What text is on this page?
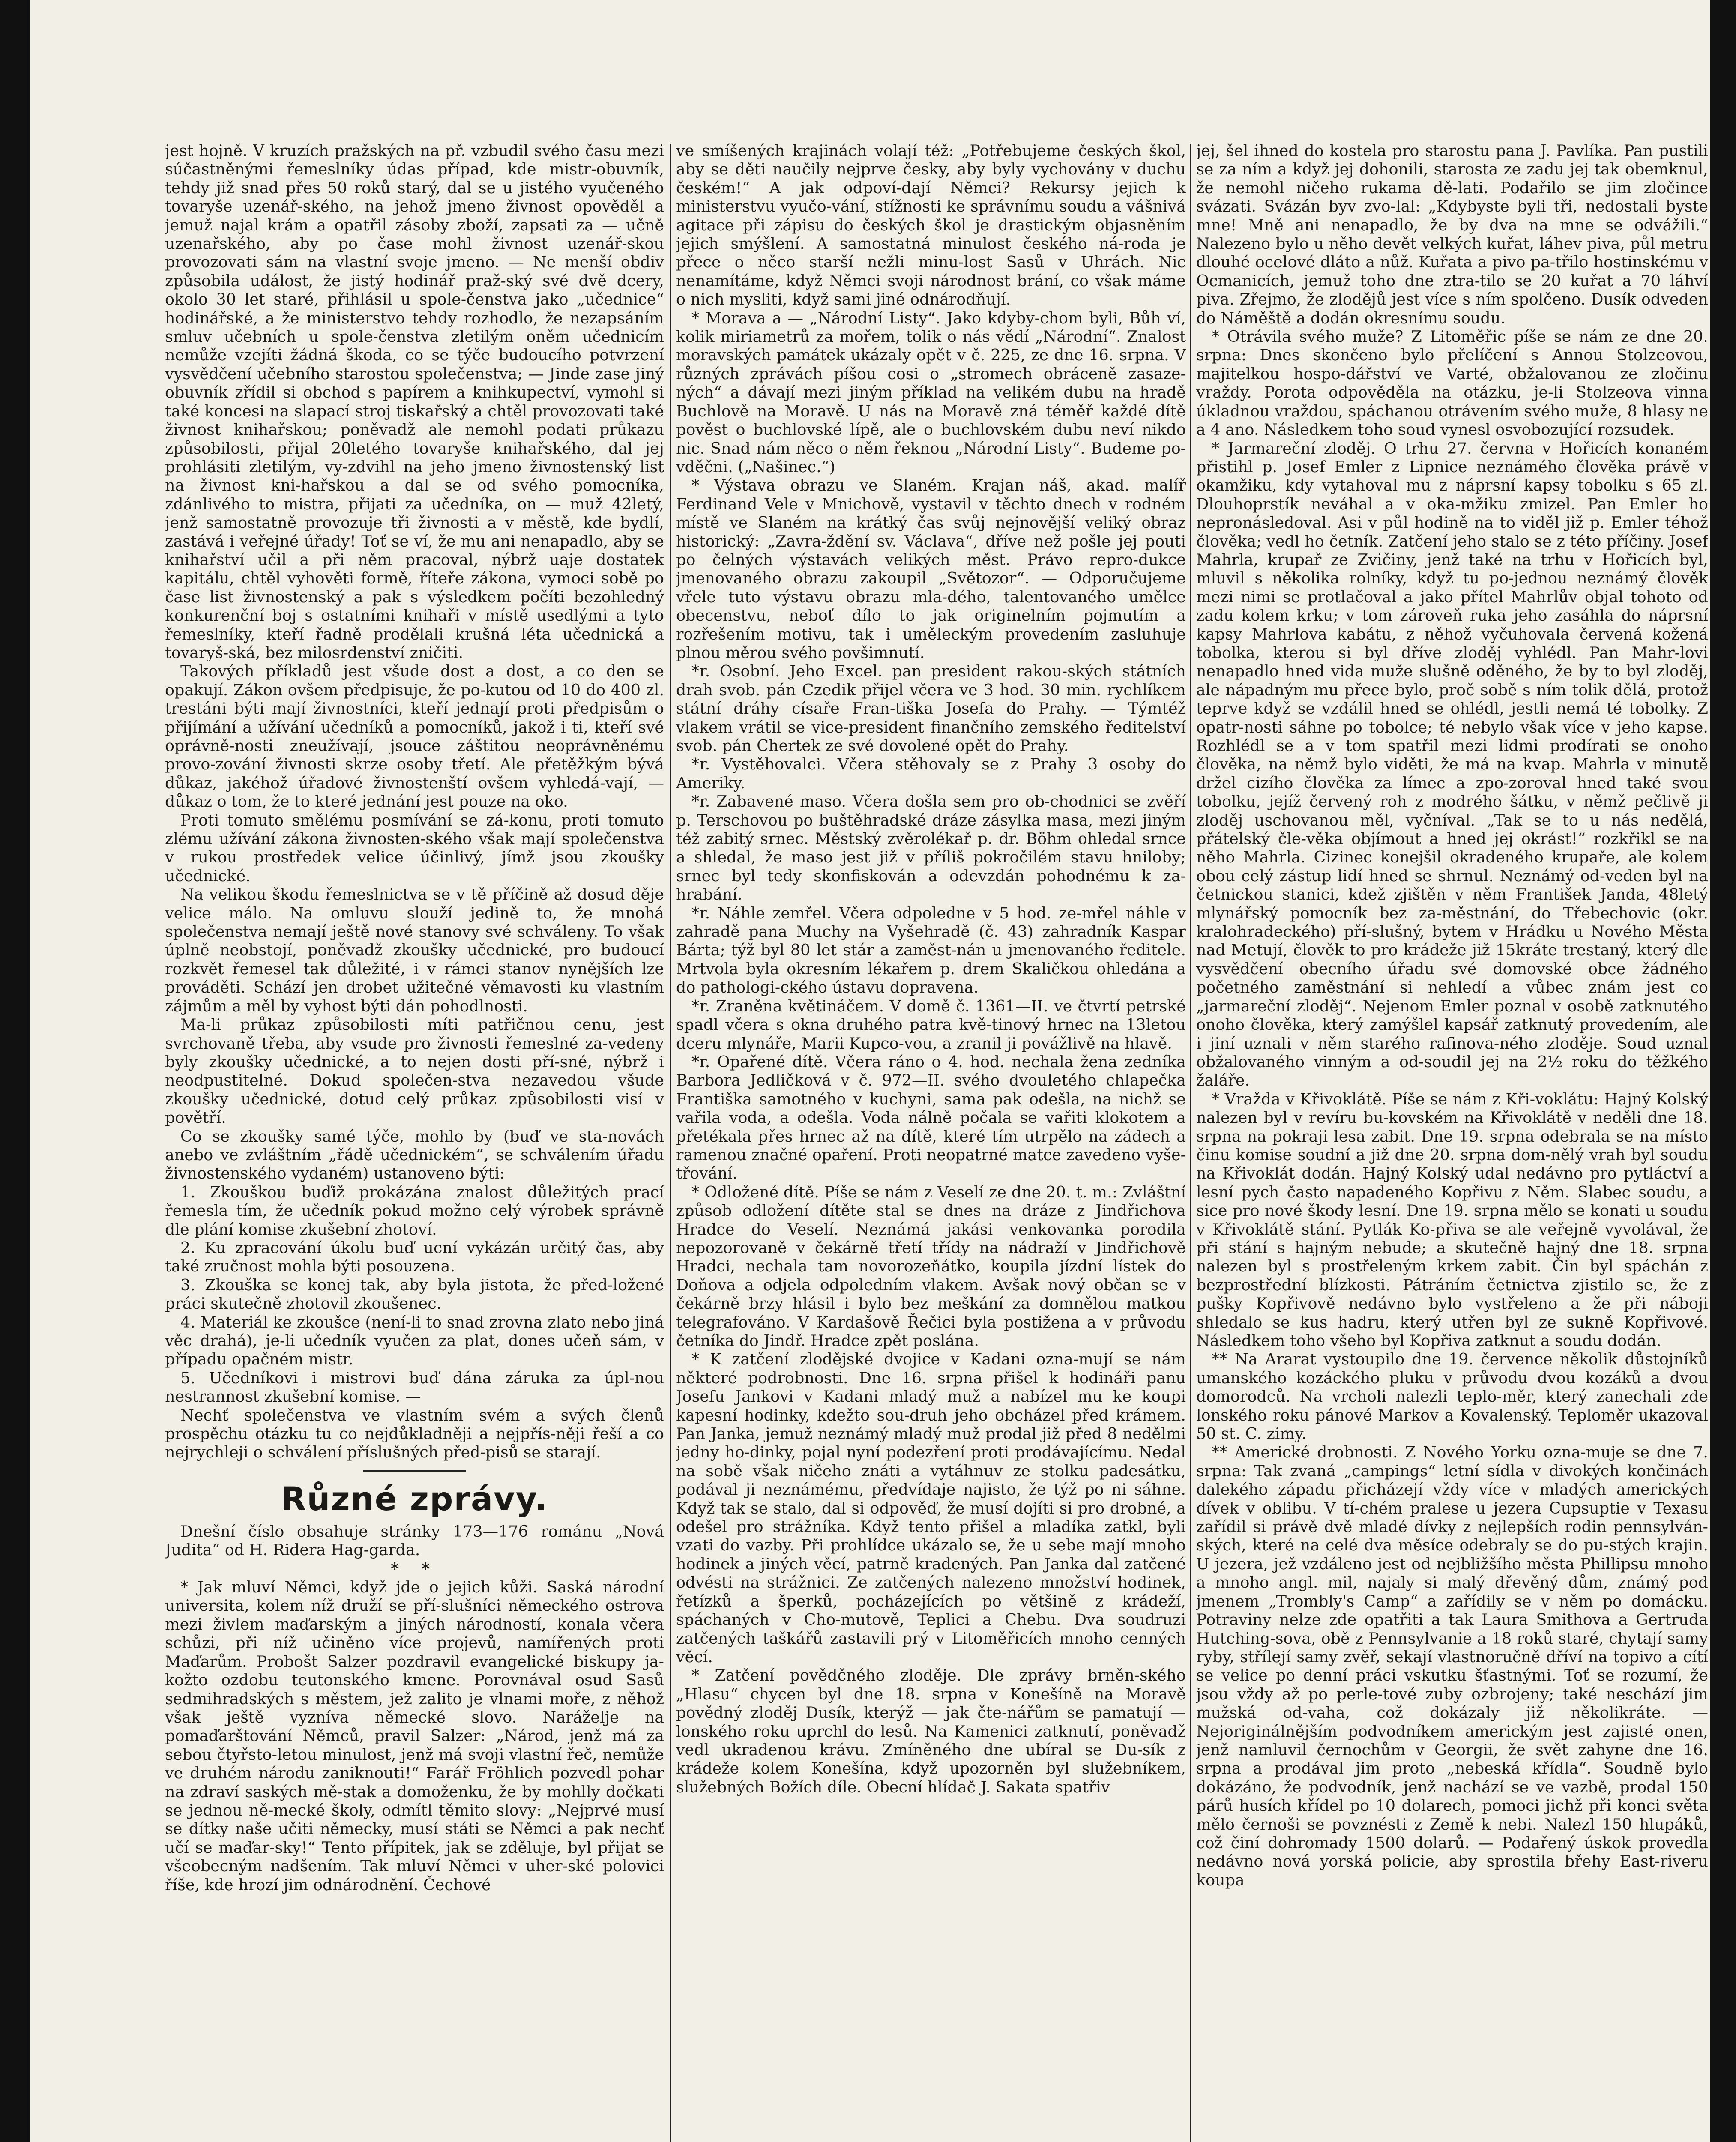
jest hojně. V kruzích pražských na př. vzbudil svého času mezi súčastněnými řemeslníky údas případ, kde mistr-obuvník, tehdy již snad přes 50 roků starý, dal se u jistého vyučeného tovaryše uzenář-ského, na jehož jmeno živnost opověděl a jemuž najal krám a opatřil zásoby zboží, zapsati za — učně uzenařského, aby po čase mohl živnost uzenář-skou provozovati sám na vlastní svoje jmeno. — Ne menší obdiv způsobila událost, že jistý hodinář praž-ský své dvě dcery, okolo 30 let staré, přihlásil u spole-čenstva jako „učednice“ hodinářské, a že ministerstvo tehdy rozhodlo, že nezapsáním smluv učebních u spole-čenstva zletilým oněm učednicím nemůže vzejíti žádná škoda, co se týče budoucího potvrzení vysvědčení učebního starostou společenstva; — Jinde zase jiný obuvník zřídil si obchod s papírem a knihkupectví, vymohl si také koncesi na slapací stroj tiskařský a chtěl provozovati také živnost knihařskou; poněvadž ale nemohl podati průkazu způsobilosti, přijal 20letého tovaryše knihařského, dal jej prohlásiti zletilým, vy-zdvihl na jeho jmeno živnostenský list na živnost kni-hařskou a dal se od svého pomocníka, zdánlivého to mistra, přijati za učedníka, on — muž 42letý, jenž samostatně provozuje tři živnosti a v městě, kde bydlí, zastává i veřejné úřady! Toť se ví, že mu ani nenapadlo, aby se knihařství učil a při něm pracoval, nýbrž uaje dostatek kapitálu, chtěl vyhověti formě, říteře zákona, vymoci sobě po čase list živnostenský a pak s výsledkem počíti bezohledný konkurenční boj s ostatními knihaři v místě usedlými a tyto řemeslníky, kteří řadně prodělali krušná léta učednická a tovaryš-ská, bez milosrdenství zničiti.

Takových příkladů jest všude dost a dost, a co den se opakují. Zákon ovšem předpisuje, že po-kutou od 10 do 400 zl. trestáni býti mají živnostníci, kteří jednají proti předpisům o přijímání a užívání učedníků a pomocníků, jakož i ti, kteří své oprávně-nosti zneužívají, jsouce záštitou neoprávněnému provo-zování živnosti skrze osoby třetí. Ale přetěžkým bývá důkaz, jakéhož úřadové živnostenští ovšem vyhledá-vají, — důkaz o tom, že to které jednání jest pouze na oko.

Proti tomuto smělému posmívání se zá-konu, proti tomuto zlému užívání zákona živnosten-ského však mají společenstva v rukou prostředek velice účinlivý, jímž jsou zkoušky učednické.

Na velikou škodu řemeslnictva se v tě příčině až dosud děje velice málo. Na omluvu slouží jedině to, že mnohá společenstva nemají ještě nové stanovy své schváleny. To však úplně neobstojí, poněvadž zkoušky učednické, pro budoucí rozkvět řemesel tak důležité, i v rámci stanov nynějších lze prováděti. Schází jen drobet užitečné věmavosti ku vlastním zájmům a měl by vyhost býti dán pohodlnosti.

Ma-li průkaz způsobilosti míti patřičnou cenu, jest svrchovaně třeba, aby vsude pro živnosti řemeslné za-vedeny byly zkoušky učednické, a to nejen dosti pří-sné, nýbrž i neodpustitelné. Dokud společen-stva nezavedou všude zkoušky učednické, dotud celý průkaz způsobilosti visí v povětří.

Co se zkoušky samé týče, mohlo by (buď ve sta-novách anebo ve zvláštním „řádě učednickém“, se schválením úřadu živnostenského vydaném) ustanoveno býti:

1. Zkouškou buďiž prokázána znalost důležitých prací řemesla tím, že učedník pokud možno celý výrobek správně dle plání komise zkušební zhotoví.

2. Ku zpracování úkolu buď ucní vykázán určitý čas, aby také zručnost mohla býti posouzena.

3. Zkouška se konej tak, aby byla jistota, že před-ložené práci skutečně zhotovil zkoušenec.

4. Materiál ke zkoušce (není-li to snad zrovna zlato nebo jiná věc drahá), je-li učedník vyučen za plat, dones učeň sám, v případu opačném mistr.

5. Učedníkovi i mistrovi buď dána záruka za úpl-nou nestrannost zkušební komise. —

Nechť společenstva ve vlastním svém a svých členů prospěchu otázku tu co nejdůkladněji a nejpřís-něji řeší a co nejrychleji o schválení příslušných před-pisů se starají.

Různé zprávy.

Dnešní číslo obsahuje stránky 173—176 románu „Nová Judita“ od H. Ridera Hag-garda.

* *

* Jak mluví Němci, když jde o jejich kůži. Saská národní universita, kolem níž druží se pří-slušníci německého ostrova mezi živlem maďarským a jiných národností, konala včera schůzi, při níž učiněno více projevů, namířených proti Maďarům. Probošt Salzer pozdravil evangelické biskupy ja-kožto ozdobu teutonského kmene. Porovnával osud Sasů sedmihradských s městem, jež zalito je vlnami moře, z něhož však ještě vyzníva německé slovo. Naráželje na pomaďarštování Němců, pravil Salzer: „Národ, jenž má za sebou čtyřsto-letou minulost, jenž má svoji vlastní řeč, nemůže ve druhém národu zaniknouti!“ Farář Fröhlich pozvedl pohar na zdraví saských mě-stak a domoženku, že by mohlly dočkati se jednou ně-mecké školy, odmítl těmito slovy: „Nejprvé musí se dítky naše učiti německy, musí státi se Němci a pak nechť učí se maďar-sky!“ Tento přípitek, jak se zděluje, byl přijat se všeobecným nadšením. Tak mluví Němci v uher-ské polovici říše, kde hrozí jim odnárodnění. Čechové

ve smíšených krajinách volají též: „Potřebujeme českých škol, aby se děti naučily nejprve česky, aby byly vychovány v duchu českém!“ A jak odpoví-dají Němci? Rekursy jejich k ministerstvu vyučo-vání, stížnosti ke správnímu soudu a vášnivá agitace při zápisu do českých škol je drastickým objasněním jejich smýšlení. A samostatná minulost českého ná-roda je přece o něco starší nežli minu-lost Sasů v Uhrách. Nic nenamítáme, když Němci svoji národnost brání, co však máme o nich mysliti, když sami jiné odnárodňují.

* Morava a — „Národní Listy“. Jako kdyby-chom byli, Bůh ví, kolik miriametrů za mořem, tolik o nás vědí „Národní“. Znalost moravských památek ukázaly opět v č. 225, ze dne 16. srpna. V různých zprávách píšou cosi o „stromech obráceně zasaze-ných“ a dávají mezi jiným příklad na velikém dubu na hradě Buchlově na Moravě. U nás na Moravě zná téměř každé dítě pověst o buchlovské lípě, ale o buchlovském dubu neví nikdo nic. Snad nám něco o něm řeknou „Národní Listy“. Budeme po-vděčni. („Našinec.“)

* Výstava obrazu ve Slaném. Krajan náš, akad. malíř Ferdinand Vele v Mnichově, vystavil v těchto dnech v rodném místě ve Slaném na krátký čas svůj nejnovější veliký obraz historický: „Zavra-ždění sv. Václava“, dříve než pošle jej pouti po čelných výstavách velikých měst. Právo repro-dukce jmenovaného obrazu zakoupil „Světozor“. — Odporučujeme vřele tuto výstavu obrazu mla-dého, talentovaného umělce obecenstvu, neboť dílo to jak originelním pojmutím a rozřešením motivu, tak i uměleckým provedením zasluhuje plnou měrou svého povšimnutí.

*r. Osobní. Jeho Excel. pan president rakou-ských státních drah svob. pán Czedik přijel včera ve 3 hod. 30 min. rychlíkem státní dráhy císaře Fran-tiška Josefa do Prahy. — Týmtéž vlakem vrátil se vice-president finančního zemského ředitelství svob. pán Chertek ze své dovolené opět do Prahy.

*r. Vystěhovalci. Včera stěhovaly se z Prahy 3 osoby do Ameriky.

*r. Zabavené maso. Včera došla sem pro ob-chodnici se zvěří p. Terschovou po buštěhradské dráze zásylka masa, mezi jiným též zabitý srnec. Městský zvěrolékař p. dr. Böhm ohledal srnce a shledal, že maso jest již v příliš pokročilém stavu hniloby; srnec byl tedy skonfiskován a odevzdán pohodnému k za-hrabání.

*r. Náhle zemřel. Včera odpoledne v 5 hod. ze-mřel náhle v zahradě pana Muchy na Vyšehradě (č. 43) zahradník Kaspar Bárta; týž byl 80 let stár a zaměst-nán u jmenovaného ředitele. Mrtvola byla okresním lékařem p. drem Skaličkou ohledána a do pathologi-ckého ústavu dopravena.

*r. Zraněna květináčem. V domě č. 1361—II. ve čtvrtí petrské spadl včera s okna druhého patra kvě-tinový hrnec na 13letou dceru mlynáře, Marii Kupco-vou, a zranil ji povážlivě na hlavě.

*r. Opařené dítě. Včera ráno o 4. hod. nechala žena zedníka Barbora Jedličková v č. 972—II. svého dvouletého chlapečka Františka samotného v kuchyni, sama pak odešla, na nichž se vařila voda, a odešla. Voda nálně počala se vařiti klokotem a přetékala přes hrnec až na dítě, které tím utrpělo na zádech a ramenou značné opaření. Proti neopatrné matce zavedeno vyše-třování.

* Odložené dítě. Píše se nám z Veselí ze dne 20. t. m.: Zvláštní způsob odložení dítěte stal se dnes na dráze z Jindřichova Hradce do Veselí. Neznámá jakási venkovanka porodila nepozorovaně v čekárně třetí třídy na nádraží v Jindřichově Hradci, nechala tam novorozeňátko, koupila jízdní lístek do Doňova a odjela odpoledním vlakem. Avšak nový občan se v čekárně brzy hlásil i bylo bez meškání za domnělou matkou telegrafováno. V Kardašově Řečici byla postižena a v průvodu četníka do Jindř. Hradce zpět poslána.

* K zatčení zlodějské dvojice v Kadani ozna-mují se nám některé podrobnosti. Dne 16. srpna přišel k hodináři panu Josefu Jankovi v Kadani mladý muž a nabízel mu ke koupi kapesní hodinky, kdežto sou-druh jeho obcházel před krámem. Pan Janka, jemuž neznámý mladý muž prodal již před 8 nedělmi jedny ho-dinky, pojal nyní podezření proti prodávajícímu. Nedal na sobě však ničeho znáti a vytáhnuv ze stolku padesátku, podával ji neznámému, předvídaje najisto, že týž po ni sáhne. Když tak se stalo, dal si odpověď, že musí dojíti si pro drobné, a odešel pro strážníka. Když tento přišel a mladíka zatkl, byli vzati do vazby. Při prohlídce ukázalo se, že u sebe mají mnoho hodinek a jiných věcí, patrně kradených. Pan Janka dal zatčené odvésti na strážnici. Ze zatčených nalezeno množství hodinek, řetízků a šperků, pocházejících po většině z krádeží, spáchaných v Cho-mutově, Teplici a Chebu. Dva soudruzi zatčených taškářů zastavili prý v Litoměřicích mnoho cenných věcí.

* Zatčení povědčného zloděje. Dle zprávy brněn-ského „Hlasu“ chycen byl dne 18. srpna v Konešíně na Moravě povědný zloděj Dusík, kterýž — jak čte-nářům se pamatují — lonského roku uprchl do lesů. Na Kamenici zatknutí, poněvadž vedl ukradenou krávu. Zmíněného dne ubíral se Du-sík z krádeže kolem Konešína, když upozorněn byl služebníkem, služebných Božích díle. Obecní hlídač J. Sakata spatřiv

jej, šel ihned do kostela pro starostu pana J. Pavlíka. Pan pustili se za ním a když jej dohonili, starosta ze zadu jej tak obemknul, že nemohl ničeho rukama dě-lati. Podařilo se jim zločince svázati. Svázán byv zvo-lal: „Kdybyste byli tři, nedostali byste mne! Mně ani nenapadlo, že by dva na mne se odvážili.“ Nalezeno bylo u něho devět velkých kuřat, láhev piva, půl metru dlouhé ocelové dláto a nůž. Kuřata a pivo pa-třilo hostinskému v Ocmanicích, jemuž toho dne ztra-tilo se 20 kuřat a 70 láhví piva. Zřejmo, že zlodějů jest více s ním spolčeno. Dusík odveden do Náměště a dodán okresnímu soudu.

* Otrávila svého muže? Z Litoměřic píše se nám ze dne 20. srpna: Dnes skončeno bylo přelíčení s Annou Stolzeovou, majitelkou hospo-dářství ve Varté, obžalovanou ze zločinu vraždy. Porota odpověděla na otázku, je-li Stolzeova vinna úkladnou vraždou, spáchanou otrávením svého muže, 8 hlasy ne a 4 ano. Následkem toho soud vynesl osvobozující rozsudek.

* Jarmareční zloděj. O trhu 27. června v Hořicích konaném přistihl p. Josef Emler z Lipnice neznámého člověka právě v okamžiku, kdy vytahoval mu z náprsní kapsy tobolku s 65 zl. Dlouhoprstík neváhal a v oka-mžiku zmizel. Pan Emler ho nepronásledoval. Asi v půl hodině na to viděl již p. Emler téhož člověka; vedl ho četník. Zatčení jeho stalo se z této příčiny. Josef Mahrla, krupař ze Zvičiny, jenž také na trhu v Hořicích byl, mluvil s několika rolníky, když tu po-jednou neznámý člověk mezi nimi se protlačoval a jako přítel Mahrlův objal tohoto od zadu kolem krku; v tom zároveň ruka jeho zasáhla do náprsní kapsy Mahrlova kabátu, z něhož vyčuhovala červená kožená tobolka, kterou si byl dříve zloděj vyhlédl. Pan Mahr-lovi nenapadlo hned vida muže slušně oděného, že by to byl zloděj, ale nápadným mu přece bylo, proč sobě s ním tolik dělá, protož teprve když se vzdálil hned se ohlédl, jestli nemá té tobolky. Z opatr-nosti sáhne po tobolce; té nebylo však více v jeho kapse. Rozhlédl se a v tom spatřil mezi lidmi prodírati se onoho člověka, na němž bylo viděti, že má na kvap. Mahrla v minutě držel cizího člověka za límec a zpo-zoroval hned také svou tobolku, jejíž červený roh z modrého šátku, v němž pečlivě ji zloděj uschovanou měl, vyčníval. „Tak se to u nás nedělá, přátelský čle-věka objímout a hned jej okrást!“ rozkřikl se na něho Mahrla. Cizinec konejšil okradeného krupaře, ale kolem obou celý zástup lidí hned se shrnul. Neznámý od-veden byl na četnickou stanici, kdež zjištěn v něm František Janda, 48letý mlynářský pomocník bez za-městnání, do Třebechovic (okr. kralohradeckého) pří-slušný, bytem v Hrádku u Nového Města nad Metují, člověk to pro krádeže již 15kráte trestaný, který dle vysvědčení obecního úřadu své domovské obce žádného početného zaměstnání si nehledí a vůbec znám jest co „jarmareční zloděj“. Nejenom Emler poznal v osobě zatknutého onoho člověka, který zamýšlel kapsář zatknutý provedením, ale i jiní uznali v něm starého rafinova-ného zloděje. Soud uznal obžalovaného vinným a od-soudil jej na 2½ roku do těžkého žaláře.

* Vražda v Křivoklátě. Píše se nám z Kři-voklátu: Hajný Kolský nalezen byl v revíru bu-kovském na Křivoklátě v neděli dne 18. srpna na pokraji lesa zabit. Dne 19. srpna odebrala se na místo činu komise soudní a již dne 20. srpna dom-nělý vrah byl soudu na Křivoklát dodán. Hajný Kolský udal nedávno pro pytláctví a lesní pych často napadeného Kopřivu z Něm. Slabec soudu, a sice pro nové škody lesní. Dne 19. srpna mělo se konati u soudu v Křivoklátě stání. Pytlák Ko-přiva se ale veřejně vyvolával, že při stání s hajným nebude; a skutečně hajný dne 18. srpna nalezen byl s prostřeleným krkem zabit. Čin byl spáchán z bezprostřední blízkosti. Pátráním četnictva zjistilo se, že z pušky Kopřivově nedávno bylo vystřeleno a že při náboji shledalo se kus hadru, který utřen byl ze sukně Kopřivové. Následkem toho všeho byl Kopřiva zatknut a soudu dodán.

** Na Ararat vystoupilo dne 19. července několik důstojníků umanského kozáckého pluku v průvodu dvou kozáků a dvou domorodců. Na vrcholi nalezli teplo-měr, který zanechali zde lonského roku pánové Markov a Kovalenský. Teploměr ukazoval 50 st. C. zimy.

** Americké drobnosti. Z Nového Yorku ozna-muje se dne 7. srpna: Tak zvaná „campings“ letní sídla v divokých končinách dalekého západu přicházejí vždy více v mladých amerických dívek v oblibu. V tí-chém pralese u jezera Cupsuptie v Texasu zařídil si právě dvě mladé dívky z nejlepších rodin pennsylván-ských, které na celé dva měsíce odebraly se do pu-stých krajin. U jezera, jež vzdáleno jest od nejbližšího města Phillipsu mnoho a mnoho angl. mil, najaly si malý dřevěný dům, známý pod jmenem „Trombly's Camp“ a zařídily se v něm po domácku. Potraviny nelze zde opatřiti a tak Laura Smithova a Gertruda Hutching-sova, obě z Pennsylvanie a 18 roků staré, chytají samy ryby, střílejí samy zvěř, sekají vlastnoručně dříví na topivo a cítí se velice po denní práci vskutku šťastnými. Toť se rozumí, že jsou vždy až po perle-tové zuby ozbrojeny; také neschází jim mužská od-vaha, což dokázaly již několikráte. — Nejoriginálnějším podvodníkem americkým jest zajisté onen, jenž namluvil černochům v Georgii, že svět zahyne dne 16. srpna a prodával jim proto „nebeská křídla“. Soudně bylo dokázáno, že podvodník, jenž nachází se ve vazbě, prodal 150 párů husích křídel po 10 dolarech, pomoci jichž při konci světa mělo černoši se povznésti z Země k nebi. Nalezl 150 hlupáků, což činí dohromady 1500 dolarů. — Podařený úskok provedla nedávno nová yorská policie, aby sprostila břehy East-riveru koupa
